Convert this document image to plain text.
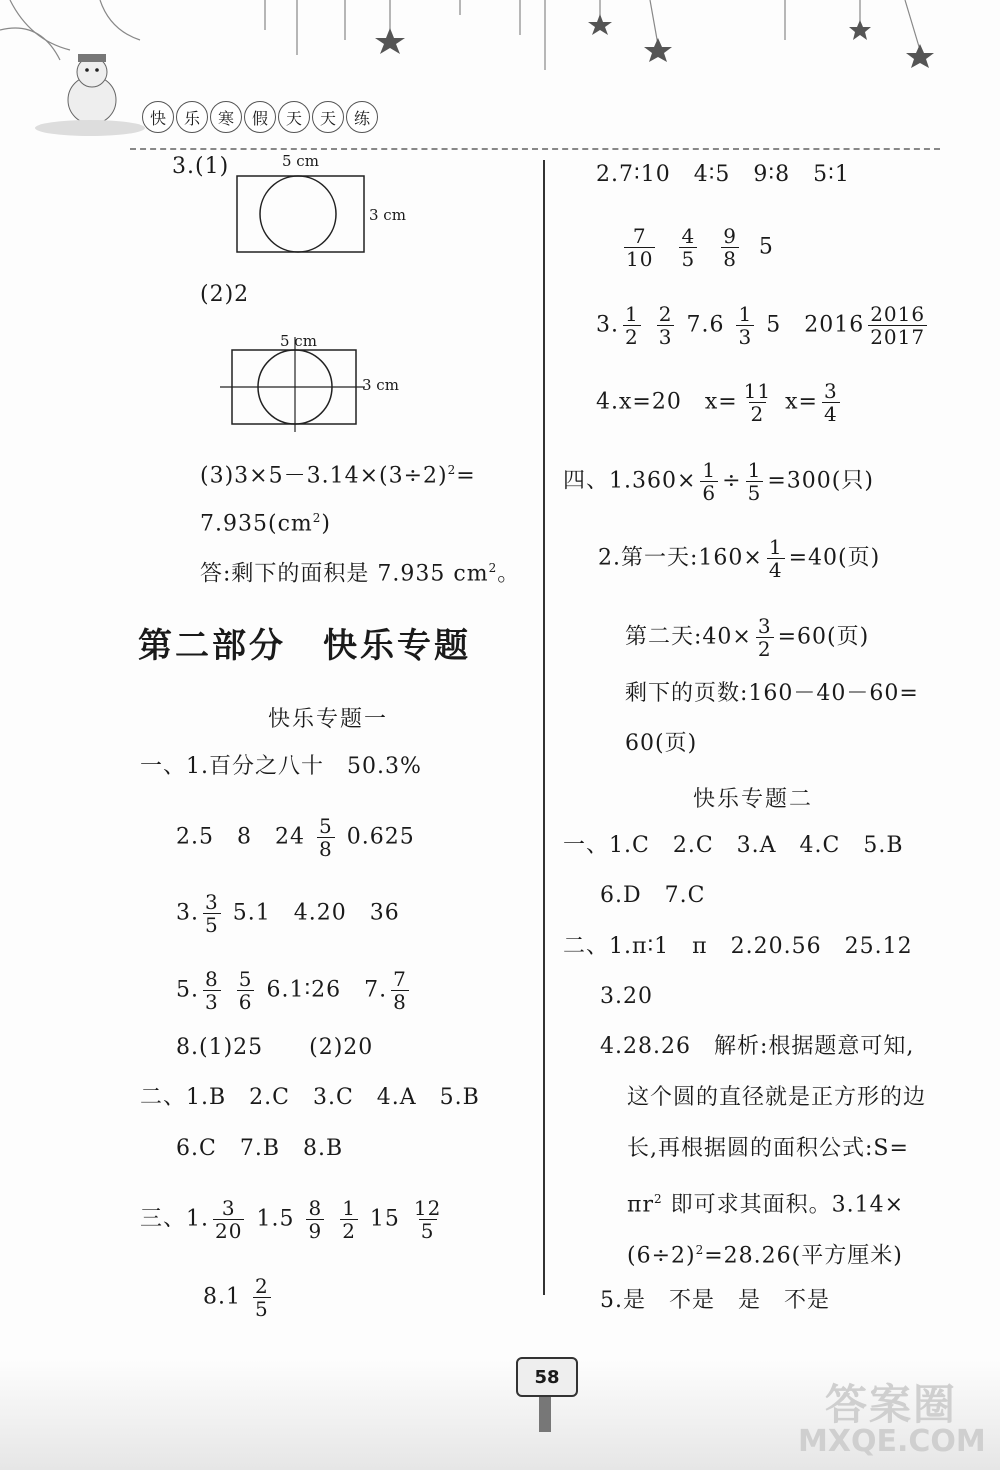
快 乐 寒 假 天 天 练
3.(1)	5 cm
3 cm
(2)2
5 cm
3 cm
$(3)3\times 5-3.14\times(3\div 2)^2=$
$7.935(cm^2)$
答:剩下的面积是 7.935 $cm^2$。
第二部分　快乐专题
快乐专题一
一、1.百分之八十　50.3%
2.5　8　$24 \frac{5}{8} 0.625$
3. $\frac{3}{5} 5.1$　4.20　36
5. $\frac{8}{3}$
$\frac{5}{6}$ 6.1∶26　7. $\frac{7}{8}$
8.(1)25　　(2)20
二、1.B　2.C　3.C　4.A　5.B
6.C　7.B　8.B
三、1. $\frac{3}{20} 1.5 \frac{8}{9}$
$\frac{1}{2} 15 \frac{12}{5}$
$8.1 \frac{2}{5}$
2.7∶10　4∶5　9∶8　5∶1
$\frac{7}{10}$
$\frac{4}{5}$
$\frac{9}{8} 5$
3. $\frac{1}{2}$
$\frac{2}{3} 7.6 \frac{1}{3} 5$　$2016 \frac{2016}{2017}$
4.x=20　$x= \frac{11}{2} x= \frac{3}{4}$
四、$1.360\times \frac{1}{6} \div \frac{1}{5} =300$(只)
2.第一天:160× $\frac{1}{4} =40$(页)
第二天:40× $\frac{3}{2} =60$(页)
剩下的页数:160－40－60=
60(页)
快乐专题二
一、1.C　2.C　3.A　4.C　5.B
6.D　7.C
二、1.π∶1　π　2.20.56　25.12
3.20
4.28.26　解析:根据题意可知,
这个圆的直径就是正方形的边
长,再根据圆的面积公式:S=
$\pi r^2$ 即可求其面积。3.14×
$(6\div 2)^2=28.26$(平方厘米)
5.是　不是　是　不是
58
答案圈
MXQE.COM
